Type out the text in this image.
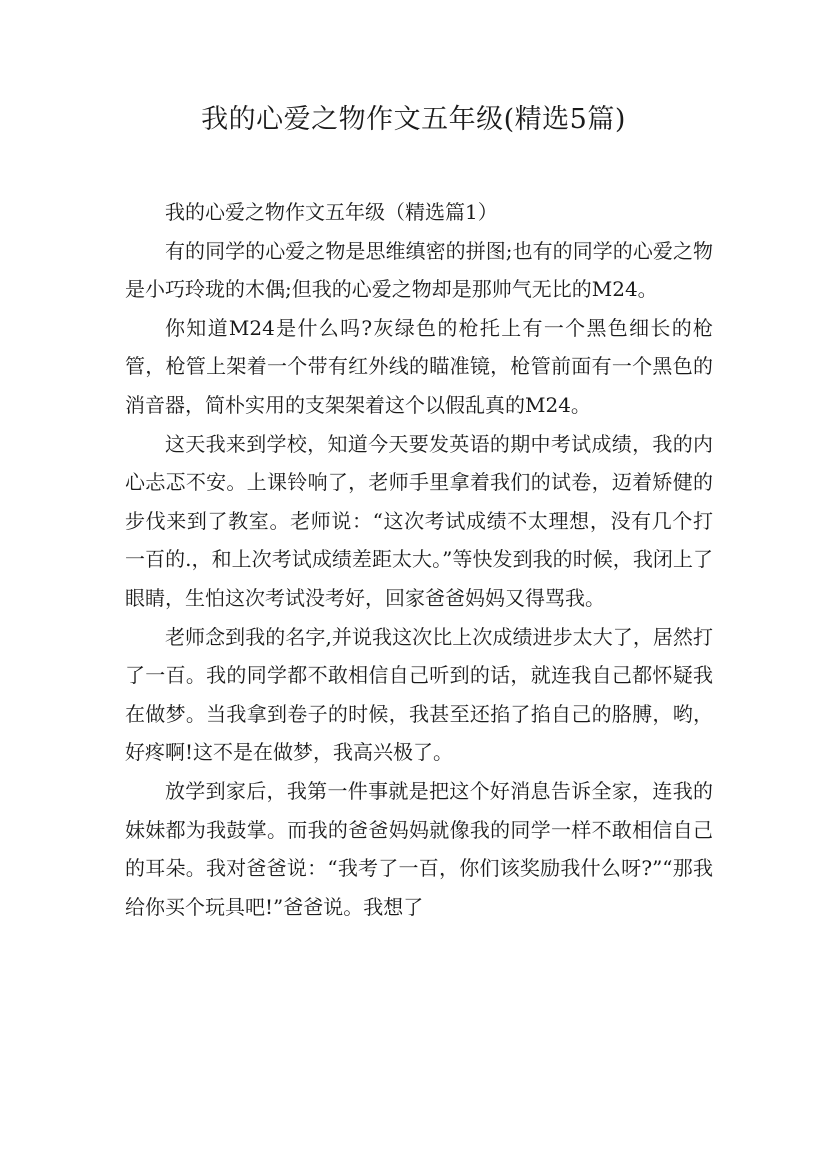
我的心爱之物作文五年级(精选5篇)

我的心爱之物作文五年级（精选篇1）

有的同学的心爱之物是思维缜密的拼图;也有的同学的心爱之物是小巧玲珑的木偶;但我的心爱之物却是那帅气无比的M24。

你知道M24是什么吗?灰绿色的枪托上有一个黑色细长的枪管，枪管上架着一个带有红外线的瞄准镜，枪管前面有一个黑色的消音器，简朴实用的支架架着这个以假乱真的M24。

这天我来到学校，知道今天要发英语的期中考试成绩，我的内心忐忑不安。上课铃响了，老师手里拿着我们的试卷，迈着矫健的步伐来到了教室。老师说：“这次考试成绩不太理想，没有几个打一百的.，和上次考试成绩差距太大。”等快发到我的时候，我闭上了眼睛，生怕这次考试没考好，回家爸爸妈妈又得骂我。

老师念到我的名字,并说我这次比上次成绩进步太大了，居然打了一百。我的同学都不敢相信自己听到的话，就连我自己都怀疑我在做梦。当我拿到卷子的时候，我甚至还掐了掐自己的胳膊，哟，好疼啊!这不是在做梦，我高兴极了。

放学到家后，我第一件事就是把这个好消息告诉全家，连我的妹妹都为我鼓掌。而我的爸爸妈妈就像我的同学一样不敢相信自己的耳朵。我对爸爸说：“我考了一百，你们该奖励我什么呀?”“那我给你买个玩具吧!”爸爸说。我想了
